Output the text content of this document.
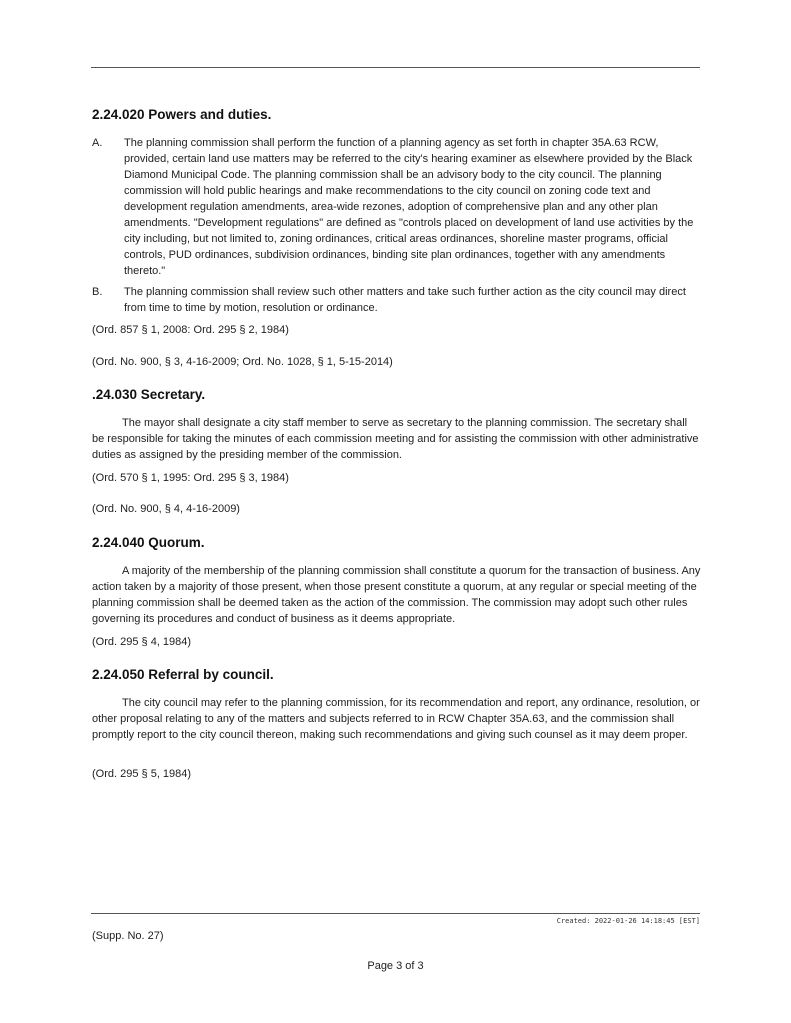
2.24.020 Powers and duties.
A.	The planning commission shall perform the function of a planning agency as set forth in chapter 35A.63 RCW, provided, certain land use matters may be referred to the city's hearing examiner as elsewhere provided by the Black Diamond Municipal Code. The planning commission shall be an advisory body to the city council. The planning commission will hold public hearings and make recommendations to the city council on zoning code text and development regulation amendments, area-wide rezones, adoption of comprehensive plan and any other plan amendments. "Development regulations" are defined as "controls placed on development of land use activities by the city including, but not limited to, zoning ordinances, critical areas ordinances, shoreline master programs, official controls, PUD ordinances, subdivision ordinances, binding site plan ordinances, together with any amendments thereto."
B.	The planning commission shall review such other matters and take such further action as the city council may direct from time to time by motion, resolution or ordinance.
(Ord. 857 § 1, 2008: Ord. 295 § 2, 1984)
(Ord. No. 900, § 3, 4-16-2009; Ord. No. 1028, § 1, 5-15-2014)
.24.030 Secretary.
The mayor shall designate a city staff member to serve as secretary to the planning commission. The secretary shall be responsible for taking the minutes of each commission meeting and for assisting the commission with other administrative duties as assigned by the presiding member of the commission.
(Ord. 570 § 1, 1995: Ord. 295 § 3, 1984)
(Ord. No. 900, § 4, 4-16-2009)
2.24.040 Quorum.
A majority of the membership of the planning commission shall constitute a quorum for the transaction of business. Any action taken by a majority of those present, when those present constitute a quorum, at any regular or special meeting of the planning commission shall be deemed taken as the action of the commission. The commission may adopt such other rules governing its procedures and conduct of business as it deems appropriate.
(Ord. 295 § 4, 1984)
2.24.050 Referral by council.
The city council may refer to the planning commission, for its recommendation and report, any ordinance, resolution, or other proposal relating to any of the matters and subjects referred to in RCW Chapter 35A.63, and the commission shall promptly report to the city council thereon, making such recommendations and giving such counsel as it may deem proper.
(Ord. 295 § 5, 1984)
Created: 2022-01-26 14:18:45 [EST]
(Supp. No. 27)
Page 3 of 3
